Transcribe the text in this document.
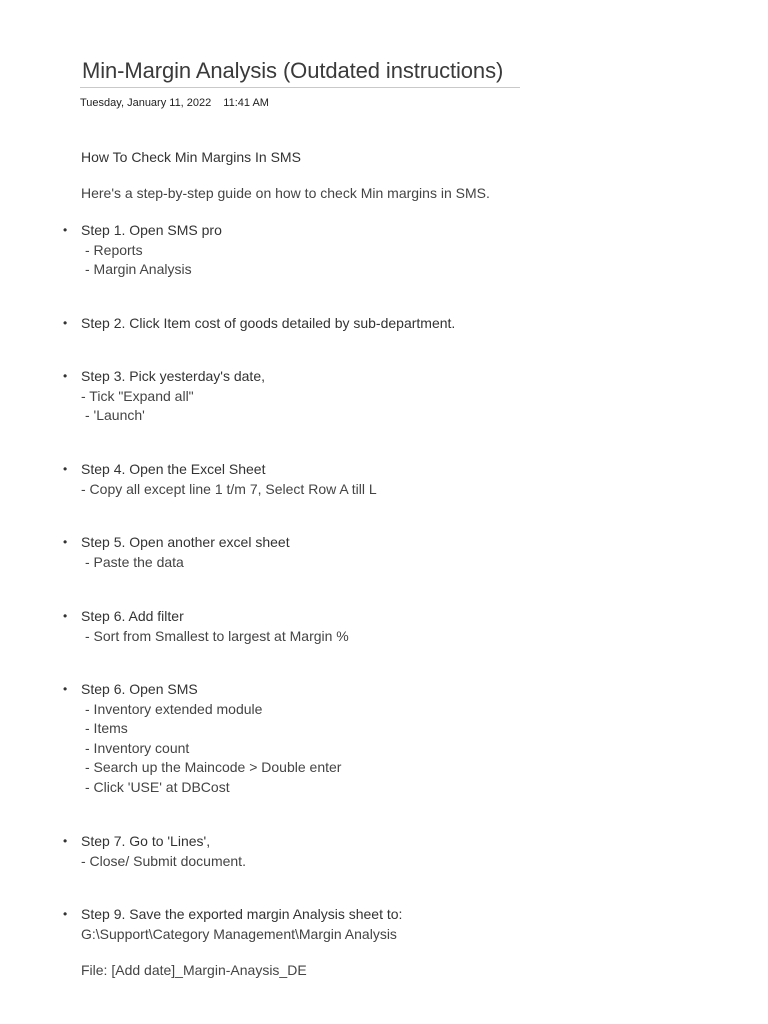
Min-Margin Analysis (Outdated instructions)
Tuesday, January 11, 2022 11:41 AM
How To Check Min Margins In SMS
Here's a step-by-step guide on how to check Min margins in SMS.
• Step 1. Open SMS pro
- Reports
- Margin Analysis
• Step 2. Click Item cost of goods detailed by sub-department.
• Step 3. Pick yesterday's date,
- Tick "Expand all"
- 'Launch'
• Step 4. Open the Excel Sheet
- Copy all except line 1 t/m 7, Select Row A till L
• Step 5. Open another excel sheet
- Paste the data
• Step 6. Add filter
- Sort from Smallest to largest at Margin %
• Step 6. Open SMS
- Inventory extended module
- Items
- Inventory count
- Search up the Maincode > Double enter
- Click 'USE' at DBCost
• Step 7. Go to 'Lines',
- Close/ Submit document.
• Step 9. Save the exported margin Analysis sheet to:
G:\Support\Category Management\Margin Analysis
File: [Add date]_Margin-Anaysis_DE
